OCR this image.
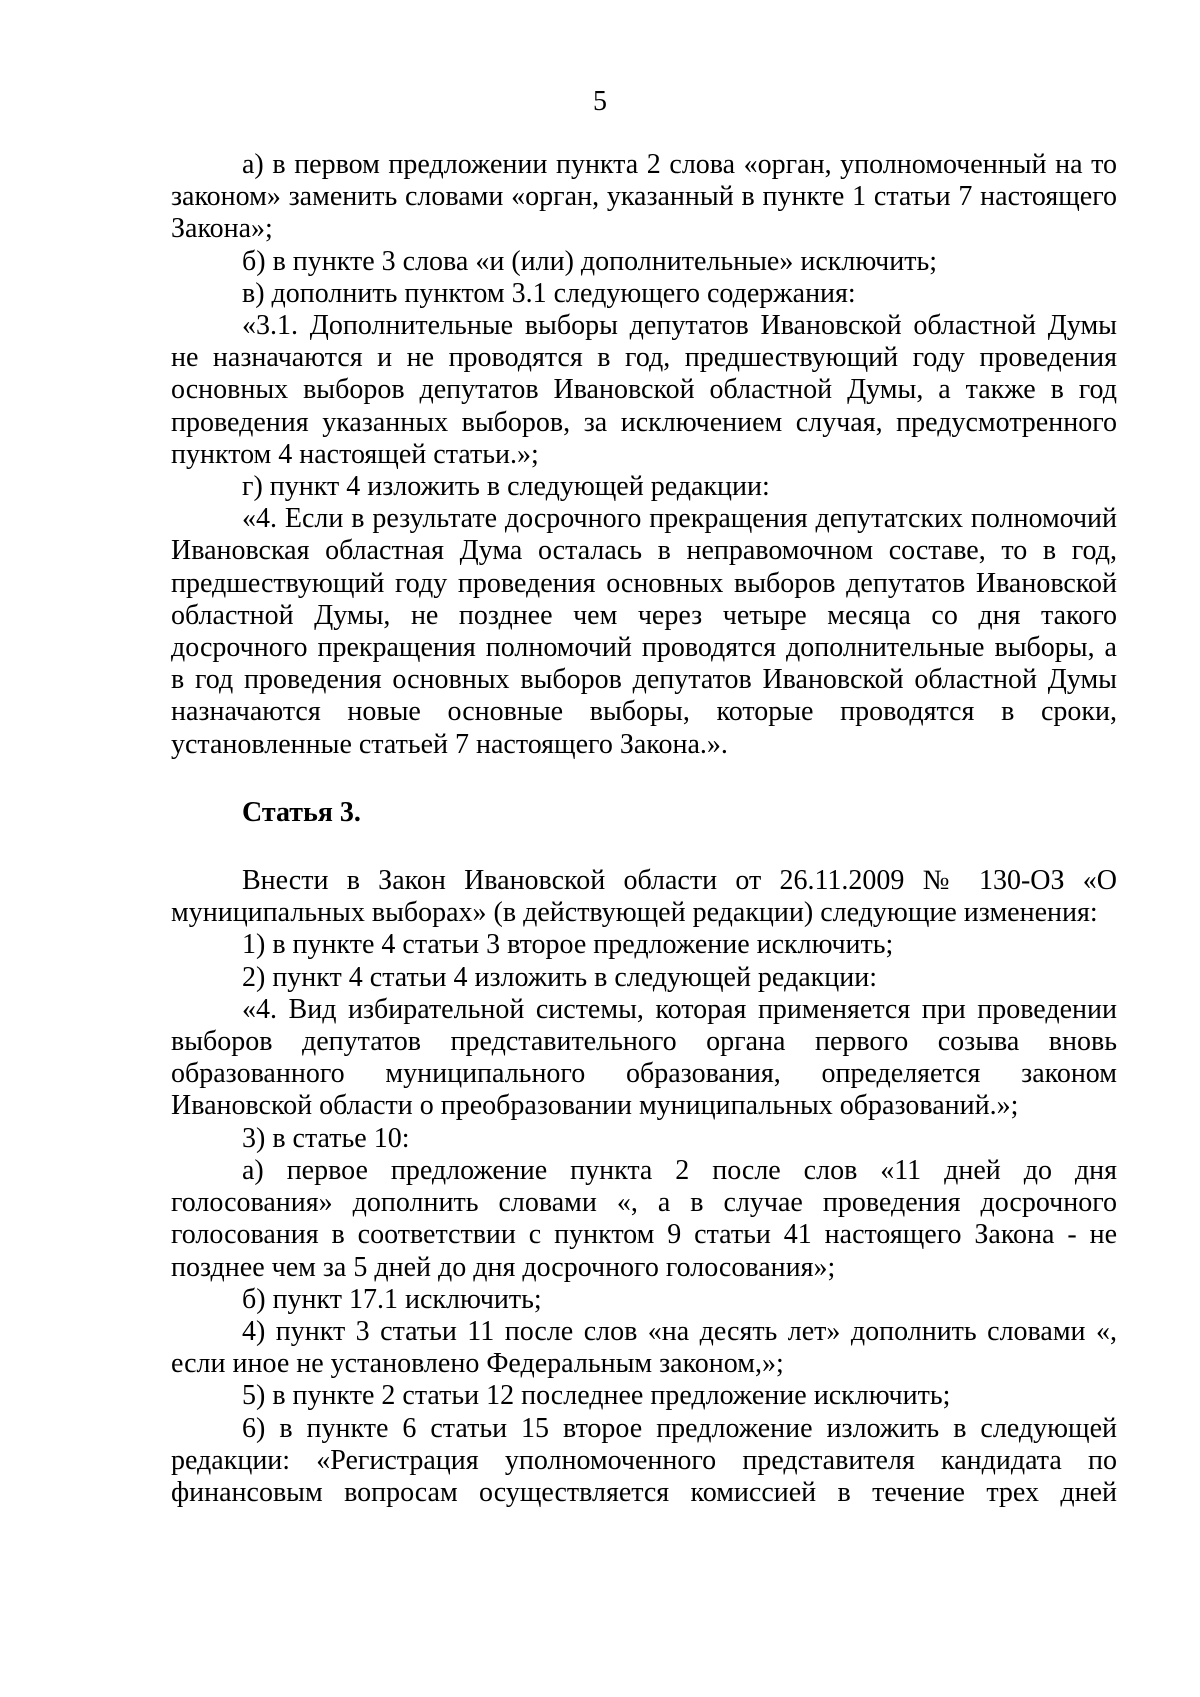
5

а) в первом предложении пункта 2 слова «орган, уполномоченный на то законом» заменить словами «орган, указанный в пункте 1 статьи 7 настоящего Закона»;

б) в пункте 3 слова «и (или) дополнительные» исключить;

в) дополнить пунктом 3.1 следующего содержания:

«3.1. Дополнительные выборы депутатов Ивановской областной Думы не назначаются и не проводятся в год, предшествующий году проведения основных выборов депутатов Ивановской областной Думы, а также в год проведения указанных выборов, за исключением случая, предусмотренного пунктом 4 настоящей статьи.»;

г) пункт 4 изложить в следующей редакции:

«4. Если в результате досрочного прекращения депутатских полномочий Ивановская областная Дума осталась в неправомочном составе, то в год, предшествующий году проведения основных выборов депутатов Ивановской областной Думы, не позднее чем через четыре месяца со дня такого досрочного прекращения полномочий проводятся дополнительные выборы, а в год проведения основных выборов депутатов Ивановской областной Думы назначаются новые основные выборы, которые проводятся в сроки, установленные статьей 7 настоящего Закона.».

Статья 3.

Внести в Закон Ивановской области от 26.11.2009 № 130-ОЗ «О муниципальных выборах» (в действующей редакции) следующие изменения:

1) в пункте 4 статьи 3 второе предложение исключить;

2) пункт 4 статьи 4 изложить в следующей редакции:

«4. Вид избирательной системы, которая применяется при проведении выборов депутатов представительного органа первого созыва вновь образованного муниципального образования, определяется законом Ивановской области о преобразовании муниципальных образований.»;

3) в статье 10:

а) первое предложение пункта 2 после слов «11 дней до дня голосования» дополнить словами «, а в случае проведения досрочного голосования в соответствии с пунктом 9 статьи 41 настоящего Закона - не позднее чем за 5 дней до дня досрочного голосования»;

б) пункт 17.1 исключить;

4) пункт 3 статьи 11 после слов «на десять лет» дополнить словами «, если иное не установлено Федеральным законом,»;

5) в пункте 2 статьи 12 последнее предложение исключить;

6) в пункте 6 статьи 15 второе предложение изложить в следующей редакции: «Регистрация уполномоченного представителя кандидата по финансовым вопросам осуществляется комиссией в течение трех дней
